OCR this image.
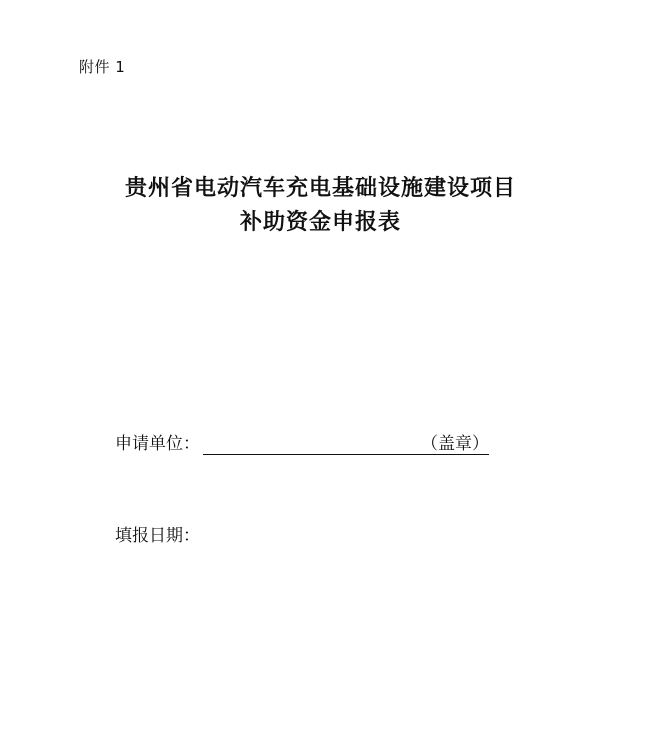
附件 1
贵州省电动汽车充电基础设施建设项目
补助资金申报表
申请单位：	（盖章）
填报日期：
